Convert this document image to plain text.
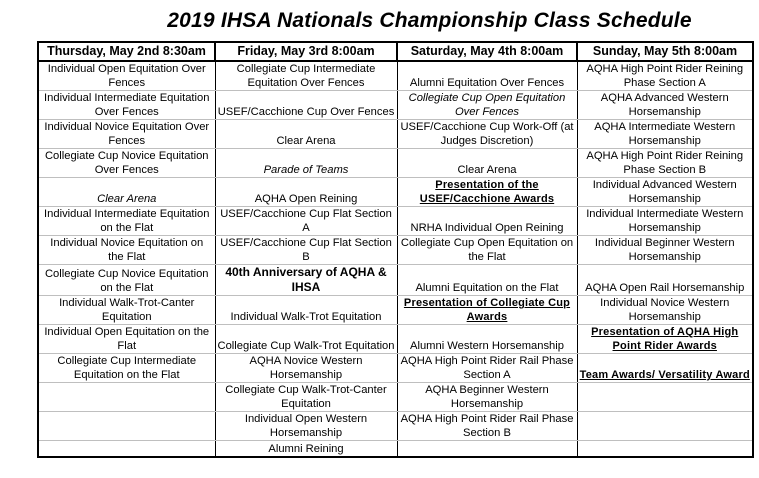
2019 IHSA Nationals Championship Class Schedule
Thursday, May 2nd 8:30am	Friday, May 3rd 8:00am	Saturday, May 4th 8:00am	Sunday, May 5th 8:00am
Individual Open Equitation Over Fences	Collegiate Cup Intermediate Equitation Over Fences	Alumni Equitation Over Fences	AQHA High Point Rider Reining Phase Section A
Individual Intermediate Equitation Over Fences	USEF/Cacchione Cup Over Fences	Collegiate Cup Open Equitation Over Fences	AQHA Advanced Western Horsemanship
Individual Novice Equitation Over Fences	Clear Arena	USEF/Cacchione Cup Work-Off (at Judges Discretion)	AQHA Intermediate Western Horsemanship
Collegiate Cup Novice Equitation Over Fences	Parade of Teams	Clear Arena	AQHA High Point Rider Reining Phase Section B
Clear Arena	AQHA Open Reining	Presentation of the USEF/Cacchione Awards	Individual Advanced Western Horsemanship
Individual Intermediate Equitation on the Flat	USEF/Cacchione Cup Flat Section A	NRHA Individual Open Reining	Individual Intermediate Western Horsemanship
Individual Novice Equitation on the Flat	USEF/Cacchione Cup Flat Section B	Collegiate Cup Open Equitation on the Flat	Individual Beginner Western Horsemanship
Collegiate Cup Novice Equitation on the Flat	40th Anniversary of AQHA & IHSA	Alumni Equitation on the Flat	AQHA Open Rail Horsemanship
Individual Walk-Trot-Canter Equitation	Individual Walk-Trot Equitation	Presentation of Collegiate Cup Awards	Individual Novice Western Horsemanship
Individual Open Equitation on the Flat	Collegiate Cup Walk-Trot Equitation	Alumni Western Horsemanship	Presentation of AQHA High Point Rider Awards
Collegiate Cup Intermediate Equitation on the Flat	AQHA Novice Western Horsemanship	AQHA High Point Rider Rail Phase Section A	Team Awards/ Versatility Award
	Collegiate Cup Walk-Trot-Canter Equitation	AQHA Beginner Western Horsemanship	
	Individual Open Western Horsemanship	AQHA High Point Rider Rail Phase Section B	
	Alumni Reining		
